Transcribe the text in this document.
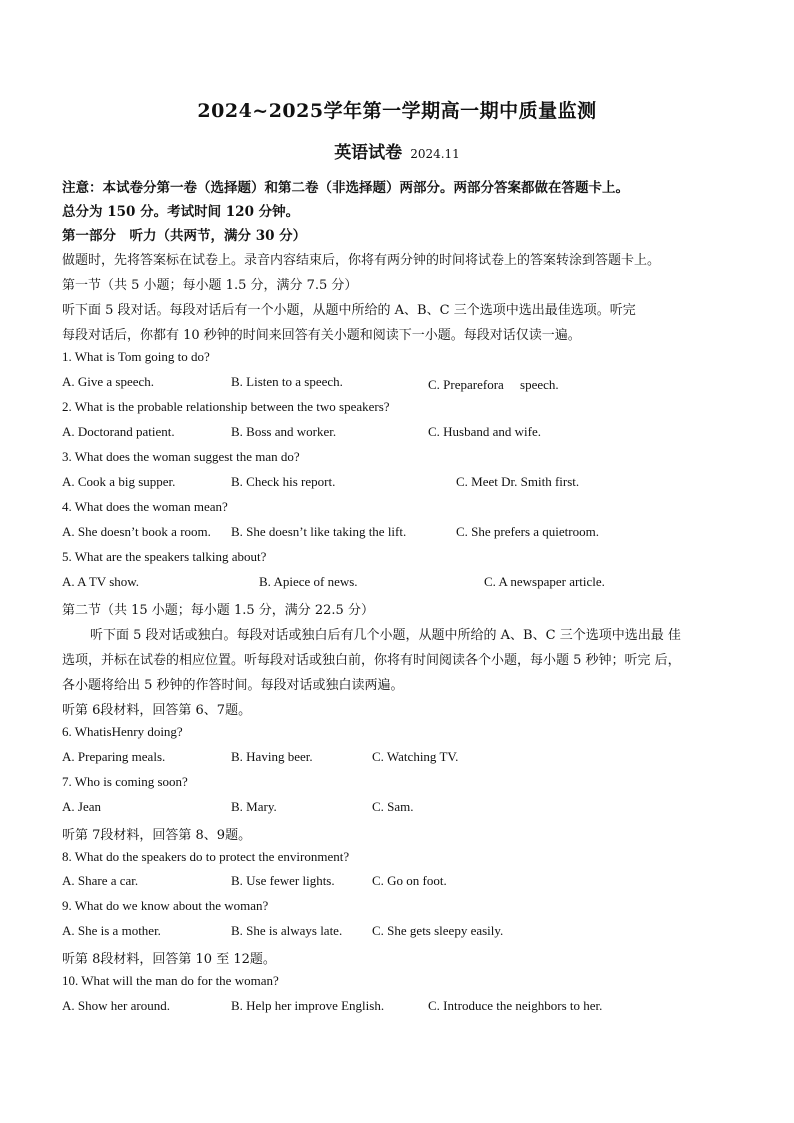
2024~2025学年第一学期高一期中质量监测
英语试卷 2024.11
注意：本试卷分第一卷（选择题）和第二卷（非选择题）两部分。两部分答案都做在答题卡上。
总分为 150 分。考试时间 120 分钟。
第一部分　听力（共两节，满分 30 分）
做题时，先将答案标在试卷上。录音内容结束后，你将有两分钟的时间将试卷上的答案转涂到答题卡上。
第一节（共 5 小题；每小题 1.5 分，满分 7.5 分）
听下面 5 段对话。每段对话后有一个小题，从题中所给的 A、B、C 三个选项中选出最佳选项。听完
每段对话后，你都有 10 秒钟的时间来回答有关小题和阅读下一小题。每段对话仅读一遍。
1. What is Tom going to do?
A. Give a speech.	B. Listen to a speech.	C. Preparefora　 speech.
2. What is the probable relationship between the two speakers?
A. Doctorand patient.	B. Boss and worker.	C. Husband and wife.
3. What does the woman suggest the man do?
A. Cook a big supper.	B. Check his report.	C. Meet Dr. Smith first.
4. What does the woman mean?
A. She doesn’t book a room. B. She doesn’t like taking the lift.	C. She prefers a quietroom.
5. What are the speakers talking about?
A. A TV show.	B. Apiece of news.	C. A newspaper article.
第二节（共 15 小题；每小题 1.5 分，满分 22.5 分）
听下面 5 段对话或独白。每段对话或独白后有几个小题，从题中所给的 A、B、C 三个选项中选出最 佳
选项，并标在试卷的相应位置。听每段对话或独白前，你将有时间阅读各个小题，每小题 5 秒钟；听完 后，
各小题将给出 5 秒钟的作答时间。每段对话或独白读两遍。
听第 6段材料，回答第 6、7题。
6. WhatisHenry doing?
A. Preparing meals.	B. Having beer.	C. Watching TV.
7. Who is coming soon?
A. Jean	B. Mary.	C. Sam.
听第 7段材料，回答第 8、9题。
8. What do the speakers do to protect the environment?
A. Share a car.	B. Use fewer lights.	C. Go on foot.
9. What do we know about the woman?
A. She is a mother.	B. She is always late. C. She gets sleepy easily.
听第 8段材料，回答第 10 至 12题。
10. What will the man do for the woman?
A. Show her around.	B. Help her improve English.	C. Introduce the neighbors to her.
